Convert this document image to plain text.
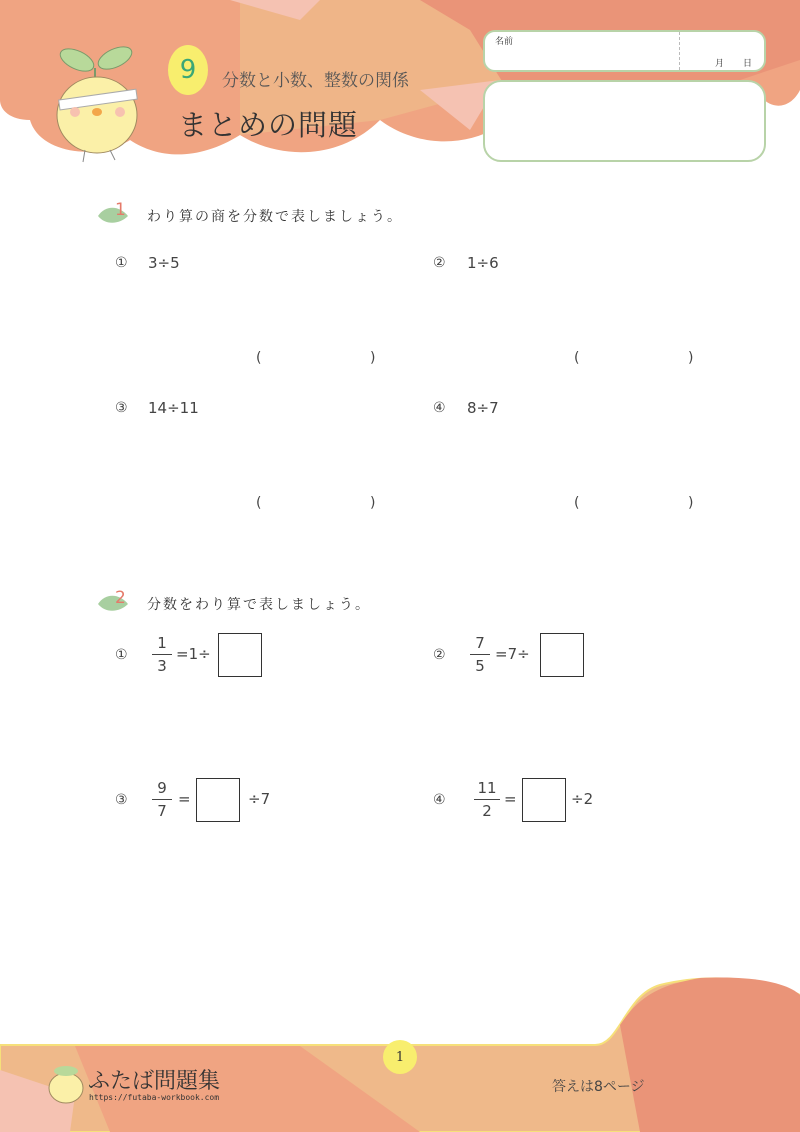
9	分数と小数、整数の関係
まとめの問題
名前
月 日
1 わり算の商を分数で表しましょう。
① 3÷5
(	)
② 1÷6
(	)
③ 14÷11
(	)
④ 8÷7
(	)
2 分数をわり算で表しましょう。
①
1
3
=1÷	②
7
5
=7÷
③
9
7
=	÷7	④
11
2
=	÷2
1
ふたば問題集
https://futaba-workbook.com
答えは8ページ
